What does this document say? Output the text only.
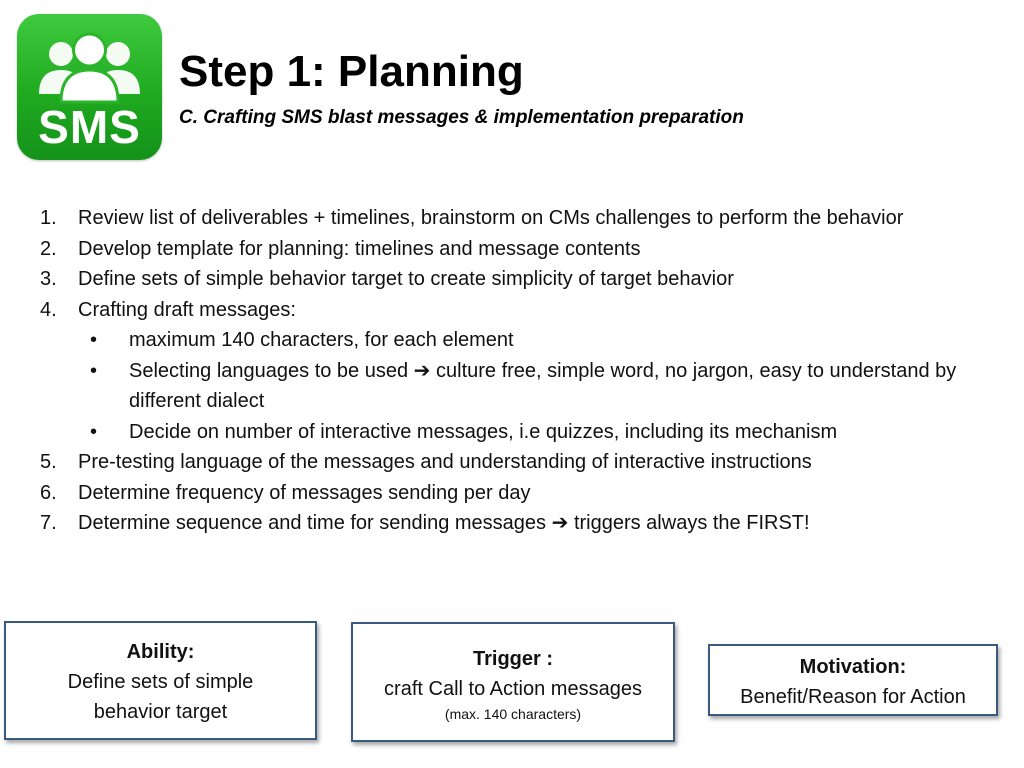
SMS
Step 1: Planning
C. Crafting SMS blast messages & implementation preparation
1. Review list of deliverables + timelines, brainstorm on CMs challenges to perform the behavior
2. Develop template for planning: timelines and message contents
3. Define sets of simple behavior target to create simplicity of target behavior
4. Crafting draft messages:
• maximum 140 characters, for each element
• Selecting languages to be used ➔ culture free, simple word, no jargon, easy to understand by different dialect
• Decide on number of interactive messages, i.e quizzes, including its mechanism
5. Pre-testing language of the messages and understanding of interactive instructions
6. Determine frequency of messages sending per day
7. Determine sequence and time for sending messages ➔ triggers always the FIRST!
Ability:
Define sets of simple
behavior target
Trigger :
craft Call to Action messages
(max. 140 characters)
Motivation:
Benefit/Reason for Action
